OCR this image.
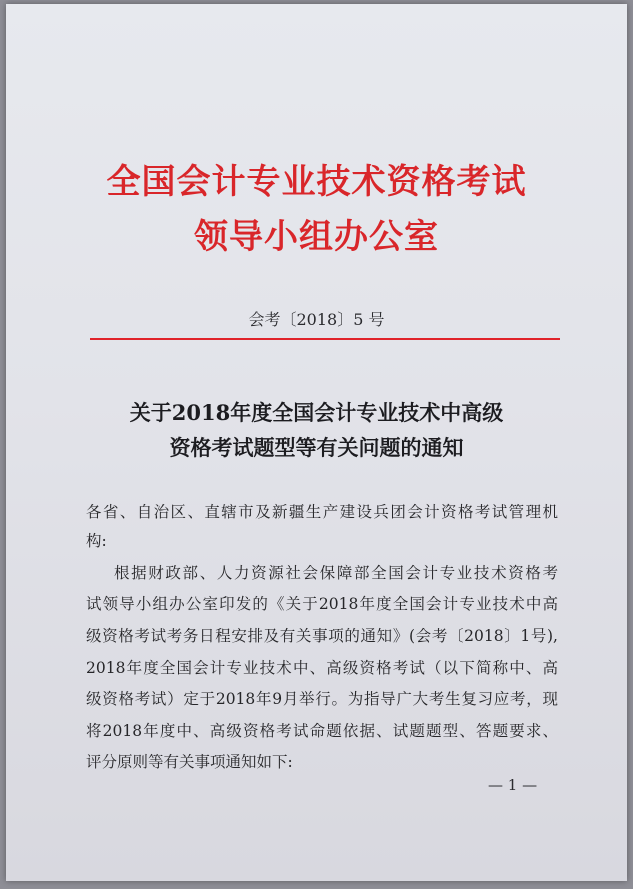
全国会计专业技术资格考试
领导小组办公室
会考〔2018〕5 号
关于2018年度全国会计专业技术中高级
资格考试题型等有关问题的通知
各省、自治区、直辖市及新疆生产建设兵团会计资格考试管理机
构:
根据财政部、人力资源社会保障部全国会计专业技术资格考
试领导小组办公室印发的《关于2018年度全国会计专业技术中高
级资格考试考务日程安排及有关事项的通知》(会考〔2018〕1号),
2018年度全国会计专业技术中、高级资格考试（以下简称中、高
级资格考试）定于2018年9月举行。为指导广大考生复习应考，现
将2018年度中、高级资格考试命题依据、试题题型、答题要求、
评分原则等有关事项通知如下:
— 1 —
